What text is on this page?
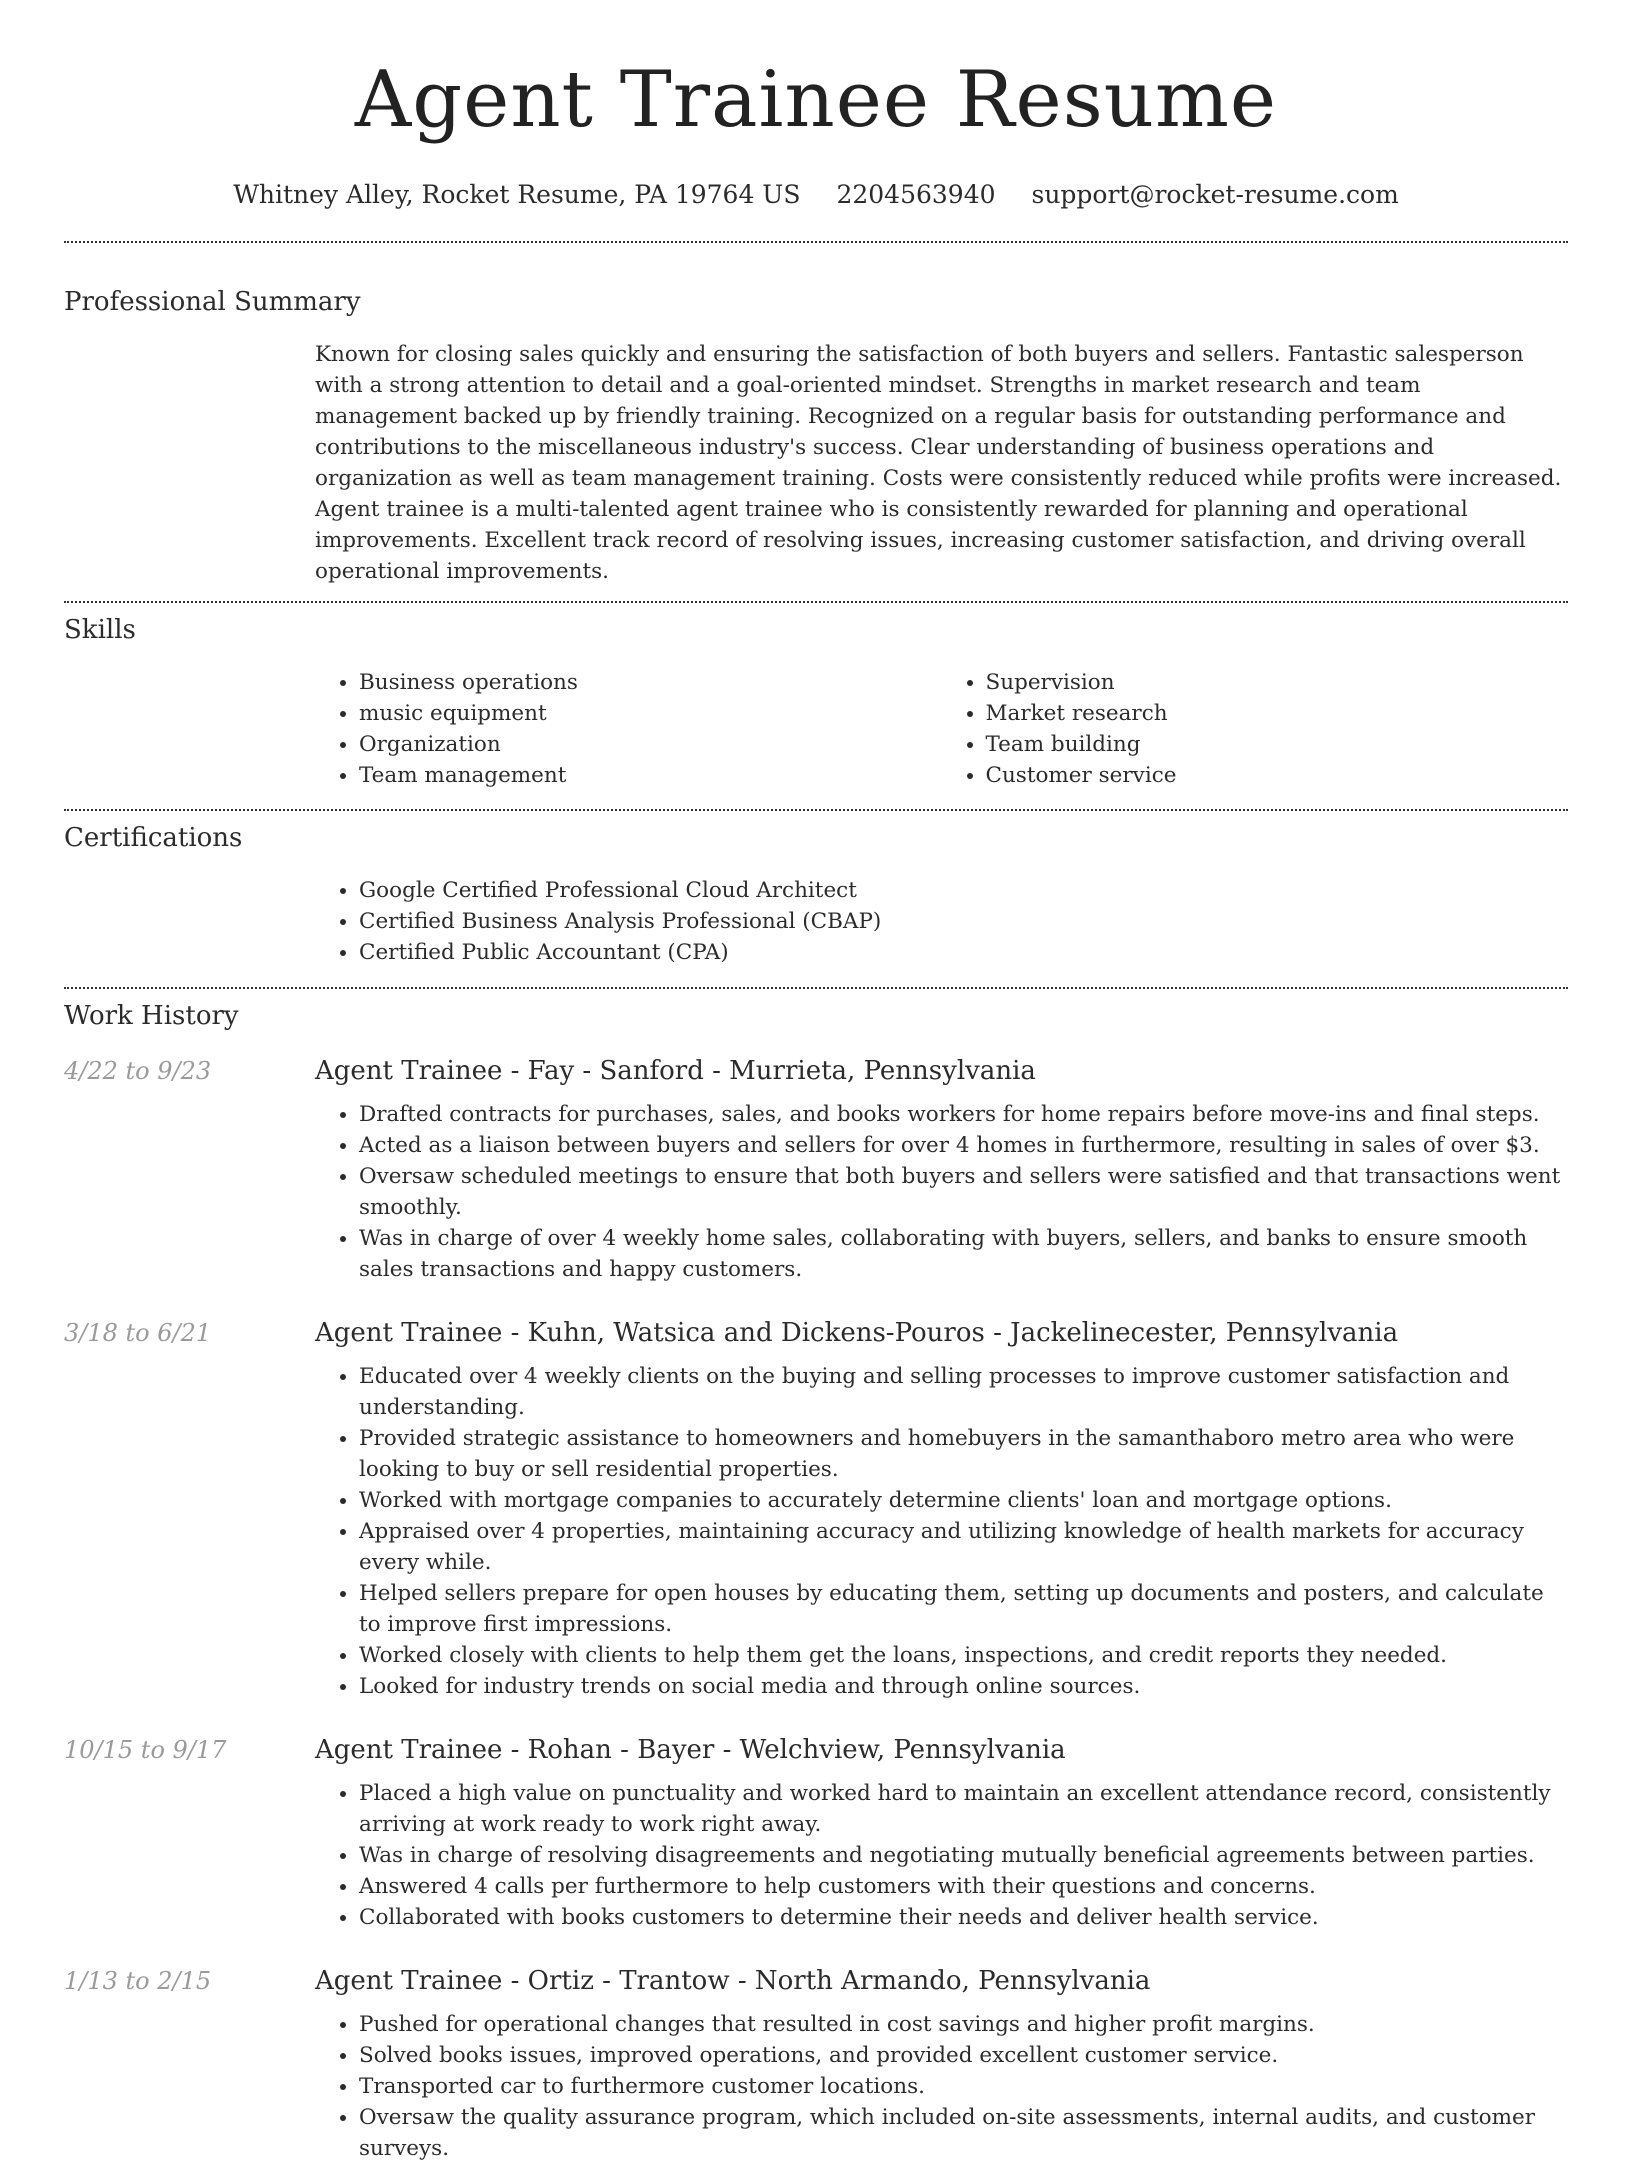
Agent Trainee Resume
Whitney Alley, Rocket Resume, PA 19764 US 2204563940 support@rocket-resume.com
Professional Summary
Known for closing sales quickly and ensuring the satisfaction of both buyers and sellers. Fantastic salesperson with a strong attention to detail and a goal-oriented mindset. Strengths in market research and team management backed up by friendly training. Recognized on a regular basis for outstanding performance and contributions to the miscellaneous industry's success. Clear understanding of business operations and organization as well as team management training. Costs were consistently reduced while profits were increased. Agent trainee is a multi-talented agent trainee who is consistently rewarded for planning and operational improvements. Excellent track record of resolving issues, increasing customer satisfaction, and driving overall operational improvements.
Skills
• Business operations
• music equipment
• Organization
• Team management
• Supervision
• Market research
• Team building
• Customer service
Certifications
• Google Certified Professional Cloud Architect
• Certified Business Analysis Professional (CBAP)
• Certified Public Accountant (CPA)
Work History
4/22 to 9/23	Agent Trainee - Fay - Sanford - Murrieta, Pennsylvania
• Drafted contracts for purchases, sales, and books workers for home repairs before move-ins and final steps.
• Acted as a liaison between buyers and sellers for over 4 homes in furthermore, resulting in sales of over $3.
• Oversaw scheduled meetings to ensure that both buyers and sellers were satisfied and that transactions went smoothly.
• Was in charge of over 4 weekly home sales, collaborating with buyers, sellers, and banks to ensure smooth sales transactions and happy customers.
3/18 to 6/21	Agent Trainee - Kuhn, Watsica and Dickens-Pouros - Jackelinecester, Pennsylvania
• Educated over 4 weekly clients on the buying and selling processes to improve customer satisfaction and understanding.
• Provided strategic assistance to homeowners and homebuyers in the samanthaboro metro area who were looking to buy or sell residential properties.
• Worked with mortgage companies to accurately determine clients' loan and mortgage options.
• Appraised over 4 properties, maintaining accuracy and utilizing knowledge of health markets for accuracy every while.
• Helped sellers prepare for open houses by educating them, setting up documents and posters, and calculate to improve first impressions.
• Worked closely with clients to help them get the loans, inspections, and credit reports they needed.
• Looked for industry trends on social media and through online sources.
10/15 to 9/17	Agent Trainee - Rohan - Bayer - Welchview, Pennsylvania
• Placed a high value on punctuality and worked hard to maintain an excellent attendance record, consistently arriving at work ready to work right away.
• Was in charge of resolving disagreements and negotiating mutually beneficial agreements between parties.
• Answered 4 calls per furthermore to help customers with their questions and concerns.
• Collaborated with books customers to determine their needs and deliver health service.
1/13 to 2/15	Agent Trainee - Ortiz - Trantow - North Armando, Pennsylvania
• Pushed for operational changes that resulted in cost savings and higher profit margins.
• Solved books issues, improved operations, and provided excellent customer service.
• Transported car to furthermore customer locations.
• Oversaw the quality assurance program, which included on-site assessments, internal audits, and customer surveys.
